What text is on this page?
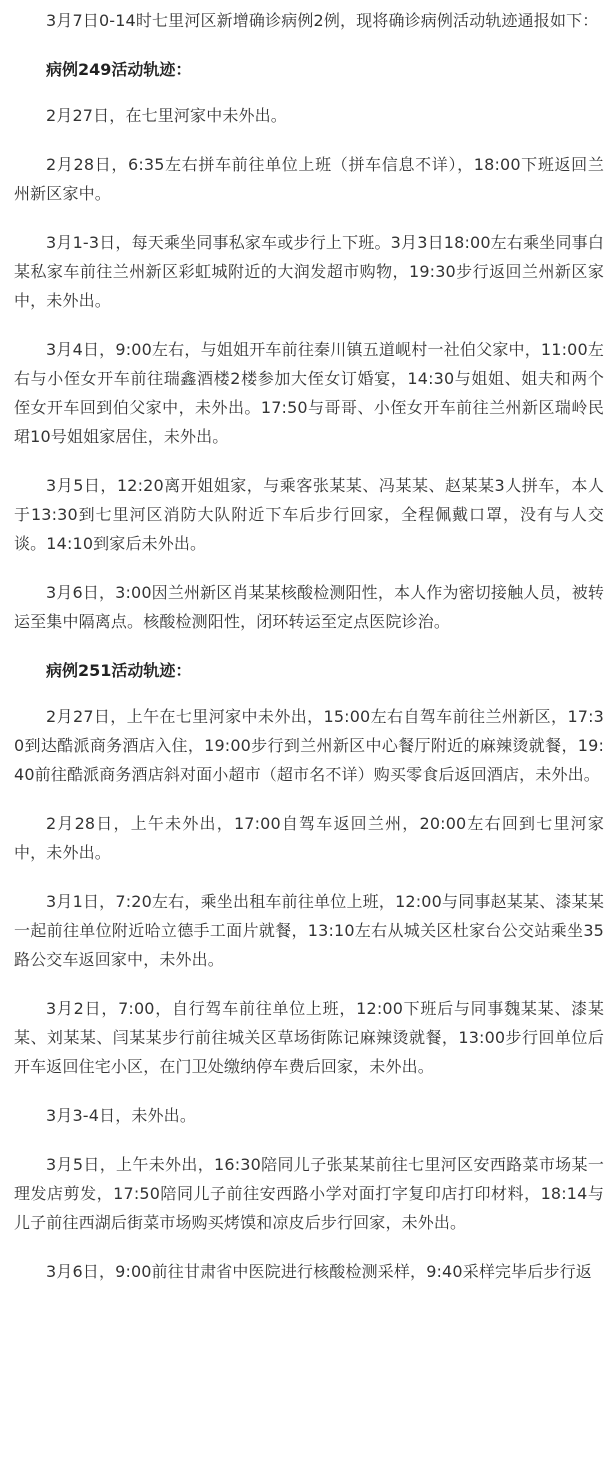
3月7日0-14时七里河区新增确诊病例2例，现将确诊病例活动轨迹通报如下：

病例249活动轨迹：

2月27日，在七里河家中未外出。

2月28日，6:35左右拼车前往单位上班（拼车信息不详），18:00下班返回兰州新区家中。

3月1-3日，每天乘坐同事私家车或步行上下班。3月3日18:00左右乘坐同事白某私家车前往兰州新区彩虹城附近的大润发超市购物，19:30步行返回兰州新区家中，未外出。

3月4日，9:00左右，与姐姐开车前往秦川镇五道岘村一社伯父家中，11:00左右与小侄女开车前往瑞鑫酒楼2楼参加大侄女订婚宴，14:30与姐姐、姐夫和两个侄女开车回到伯父家中，未外出。17:50与哥哥、小侄女开车前往兰州新区瑞岭民珺10号姐姐家居住，未外出。

3月5日，12:20离开姐姐家，与乘客张某某、冯某某、赵某某3人拼车，本人于13:30到七里河区消防大队附近下车后步行回家，全程佩戴口罩，没有与人交谈。14:10到家后未外出。

3月6日，3:00因兰州新区肖某某核酸检测阳性，本人作为密切接触人员，被转运至集中隔离点。核酸检测阳性，闭环转运至定点医院诊治。

病例251活动轨迹：

2月27日，上午在七里河家中未外出，15:00左右自驾车前往兰州新区，17:30到达酷派商务酒店入住，19:00步行到兰州新区中心餐厅附近的麻辣烫就餐，19:40前往酷派商务酒店斜对面小超市（超市名不详）购买零食后返回酒店，未外出。

2月28日，上午未外出，17:00自驾车返回兰州，20:00左右回到七里河家中，未外出。

3月1日，7:20左右，乘坐出租车前往单位上班，12:00与同事赵某某、漆某某一起前往单位附近哈立德手工面片就餐，13:10左右从城关区杜家台公交站乘坐35路公交车返回家中，未外出。

3月2日，7:00，自行驾车前往单位上班，12:00下班后与同事魏某某、漆某某、刘某某、闫某某步行前往城关区草场街陈记麻辣烫就餐，13:00步行回单位后开车返回住宅小区，在门卫处缴纳停车费后回家，未外出。

3月3-4日，未外出。

3月5日，上午未外出，16:30陪同儿子张某某前往七里河区安西路菜市场某一理发店剪发，17:50陪同儿子前往安西路小学对面打字复印店打印材料，18:14与儿子前往西湖后街菜市场购买烤馍和凉皮后步行回家，未外出。

3月6日，9:00前往甘肃省中医院进行核酸检测采样，9:40采样完毕后步行返
